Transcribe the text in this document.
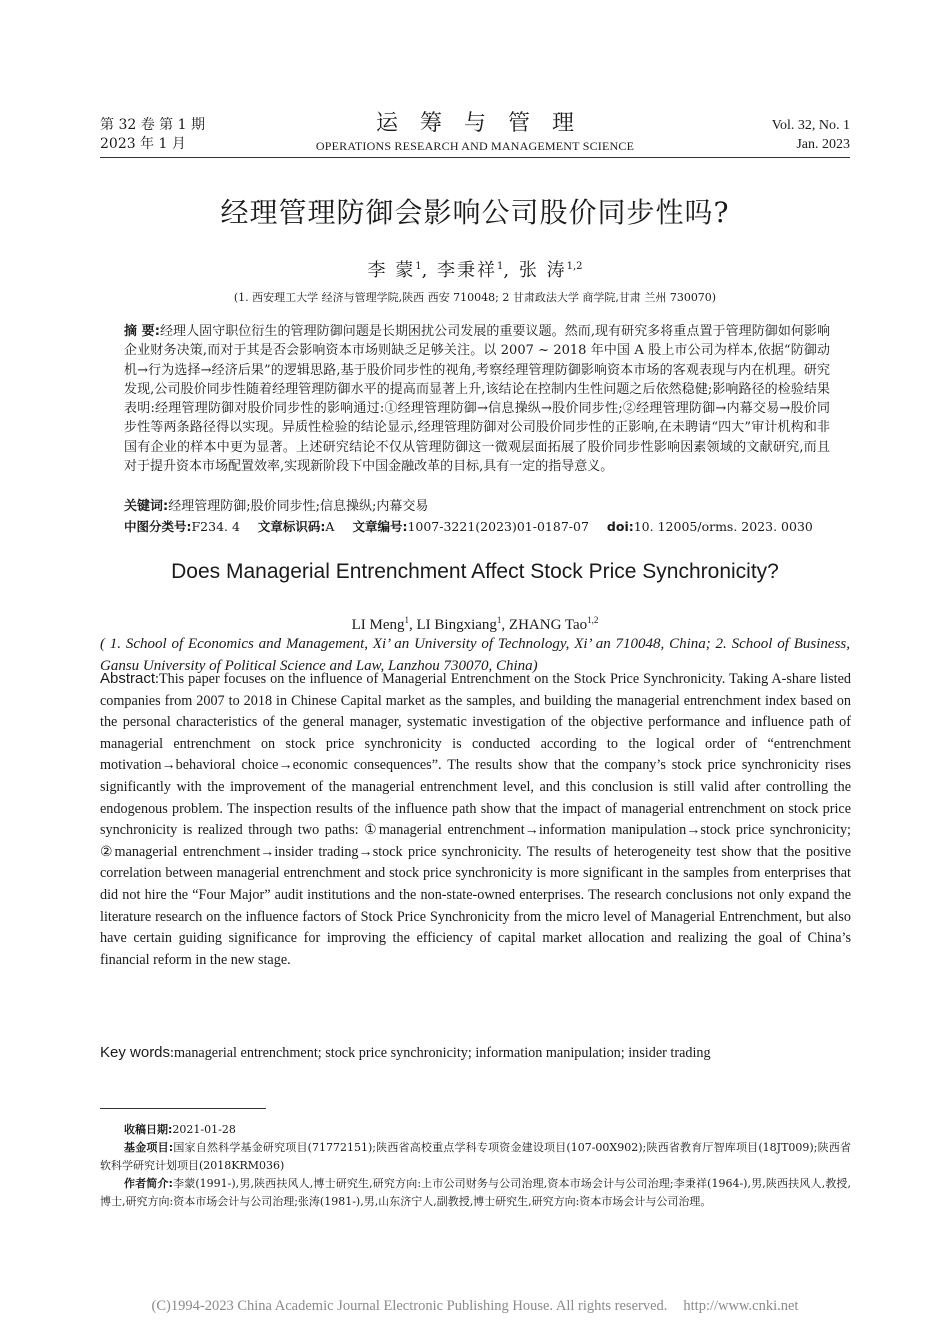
第 32 卷 第 1 期
2023 年 1 月
运筹与管理
OPERATIONS RESEARCH AND MANAGEMENT SCIENCE
Vol. 32, No. 1
Jan. 2023
经理管理防御会影响公司股价同步性吗?
李 蒙$^1$, 李秉祥$^1$, 张 涛$^{1,2}$
(1. 西安理工大学 经济与管理学院,陕西 西安 710048; 2 甘肃政法大学 商学院,甘肃 兰州 730070)
摘 要:经理人固守职位衍生的管理防御问题是长期困扰公司发展的重要议题。然而,现有研究多将重点置于管理防御如何影响企业财务决策,而对于其是否会影响资本市场则缺乏足够关注。以 2007 ~ 2018 年中国 A 股上市公司为样本,依据“防御动机→行为选择→经济后果”的逻辑思路,基于股价同步性的视角,考察经理管理防御影响资本市场的客观表现与内在机理。研究发现,公司股价同步性随着经理管理防御水平的提高而显著上升,该结论在控制内生性问题之后依然稳健;影响路径的检验结果表明:经理管理防御对股价同步性的影响通过:①经理管理防御→信息操纵→股价同步性;②经理管理防御→内幕交易→股价同步性等两条路径得以实现。异质性检验的结论显示,经理管理防御对公司股价同步性的正影响,在未聘请“四大”审计机构和非国有企业的样本中更为显著。上述研究结论不仅从管理防御这一微观层面拓展了股价同步性影响因素领域的文献研究,而且对于提升资本市场配置效率,实现新阶段下中国金融改革的目标,具有一定的指导意义。
关键词:经理管理防御;股价同步性;信息操纵;内幕交易
中图分类号:F234. 4 文章标识码:A 文章编号:1007-3221(2023)01-0187-07 doi:10. 12005/orms. 2023. 0030
Does Managerial Entrenchment Affect Stock Price Synchronicity?
LI Meng$^1$, LI Bingxiang$^1$, ZHANG Tao$^{1,2}$
( 1. School of Economics and Management, Xi’ an University of Technology, Xi’ an 710048, China; 2. School of Business, Gansu University of Political Science and Law, Lanzhou 730070, China)
Abstract:This paper focuses on the influence of Managerial Entrenchment on the Stock Price Synchronicity. Taking A-share listed companies from 2007 to 2018 in Chinese Capital market as the samples, and building the managerial entrenchment index based on the personal characteristics of the general manager, systematic investigation of the objective performance and influence path of managerial entrenchment on stock price synchronicity is conducted according to the logical order of “entrenchment motivation→behavioral choice→economic consequences”. The results show that the company’s stock price synchronicity rises significantly with the improvement of the managerial entrenchment level, and this conclusion is still valid after controlling the endogenous problem. The inspection results of the influence path show that the impact of managerial entrenchment on stock price synchronicity is realized through two paths: ①managerial entrenchment→information manipulation→stock price synchronicity; ②managerial entrenchment→insider trading→stock price synchronicity. The results of heterogeneity test show that the positive correlation between managerial entrenchment and stock price synchronicity is more significant in the samples from enterprises that did not hire the “Four Major” audit institutions and the non-state-owned enterprises. The research conclusions not only expand the literature research on the influence factors of Stock Price Synchronicity from the micro level of Managerial Entrenchment, but also have certain guiding significance for improving the efficiency of capital market allocation and realizing the goal of China’s financial reform in the new stage.
Key words:managerial entrenchment; stock price synchronicity; information manipulation; insider trading

收稿日期:2021-01-28

基金项目:国家自然科学基金研究项目(71772151);陕西省高校重点学科专项资金建设项目(107-00X902);陕西省教育厅智库项目(18JT009);陕西省软科学研究计划项目(2018KRM036)

作者简介:李蒙(1991-),男,陕西扶风人,博士研究生,研究方向:上市公司财务与公司治理,资本市场会计与公司治理;李秉祥(1964-),男,陕西扶风人,教授,博士,研究方向:资本市场会计与公司治理;张涛(1981-),男,山东济宁人,副教授,博士研究生,研究方向:资本市场会计与公司治理。

(C)1994-2023 China Academic Journal Electronic Publishing House. All rights reserved. http://www.cnki.net
